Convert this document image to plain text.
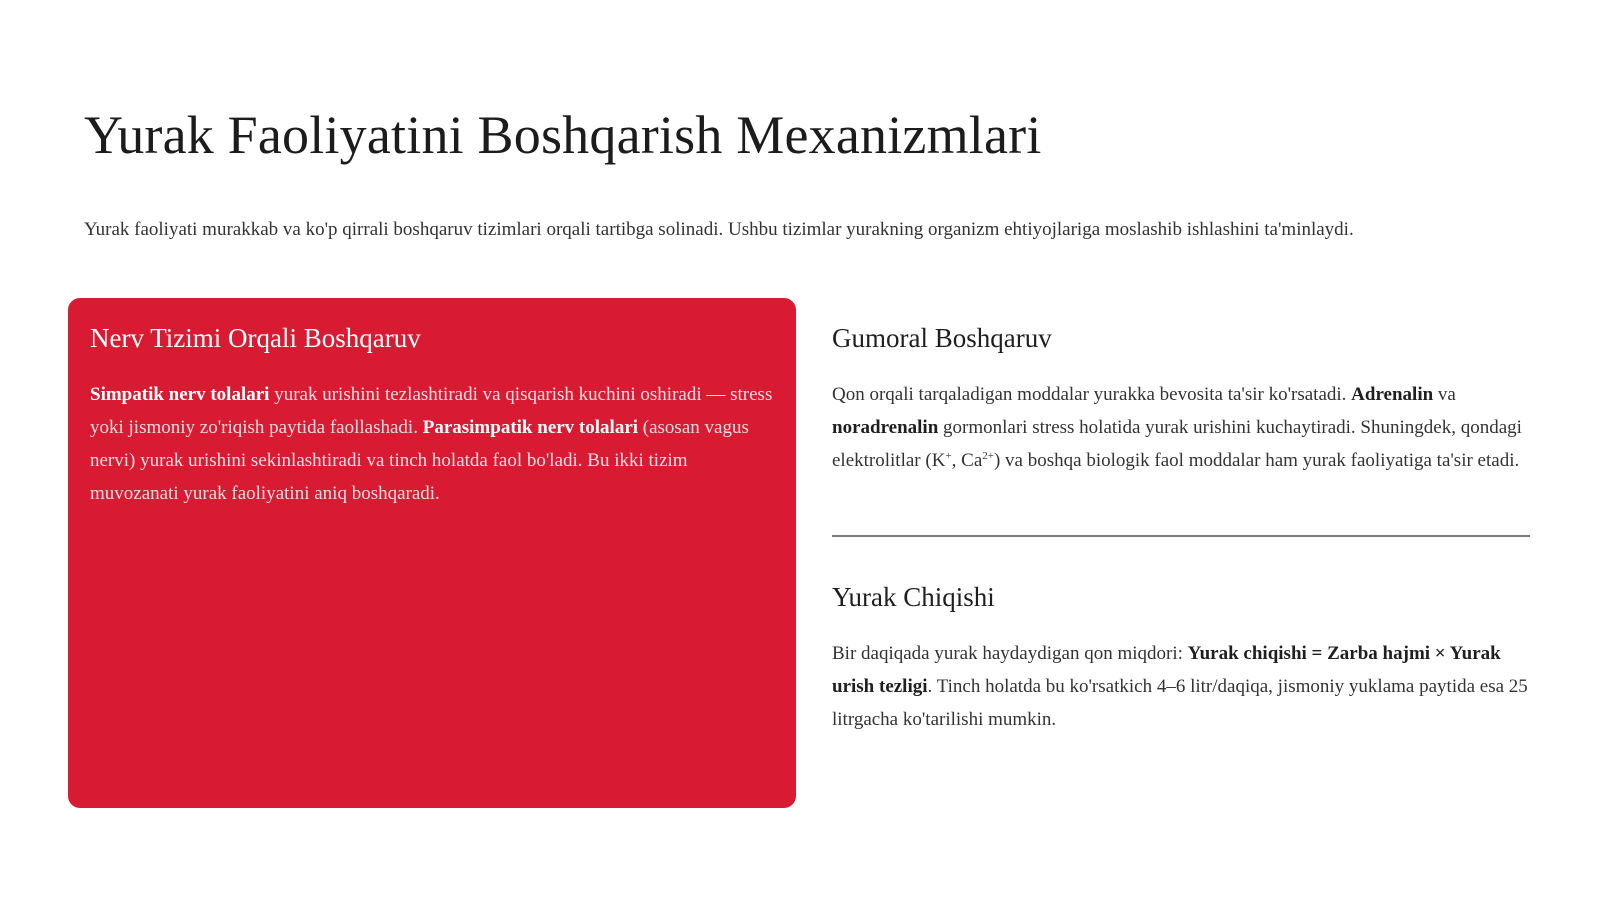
Yurak Faoliyatini Boshqarish Mexanizmlari

Yurak faoliyati murakkab va ko'p qirrali boshqaruv tizimlari orqali tartibga solinadi. Ushbu tizimlar yurakning organizm ehtiyojlariga moslashib ishlashini ta'minlaydi.

Nerv Tizimi Orqali Boshqaruv

Simpatik nerv tolalari yurak urishini tezlashtiradi va qisqarish kuchini oshiradi — stress yoki jismoniy zo'riqish paytida faollashadi. Parasimpatik nerv tolalari (asosan vagus nervi) yurak urishini sekinlashtiradi va tinch holatda faol bo'ladi. Bu ikki tizim muvozanati yurak faoliyatini aniq boshqaradi.

Gumoral Boshqaruv

Qon orqali tarqaladigan moddalar yurakka bevosita ta'sir ko'rsatadi. Adrenalin va noradrenalin gormonlari stress holatida yurak urishini kuchaytiradi. Shuningdek, qondagi elektrolitlar (K+, $Ca^{2+}$) va boshqa biologik faol moddalar ham yurak faoliyatiga ta'sir etadi.

Yurak Chiqishi

Bir daqiqada yurak haydaydigan qon miqdori: Yurak chiqishi = Zarba hajmi × Yurak urish tezligi. Tinch holatda bu ko'rsatkich 4–6 litr/daqiqa, jismoniy yuklama paytida esa 25 litrgacha ko'tarilishi mumkin.
